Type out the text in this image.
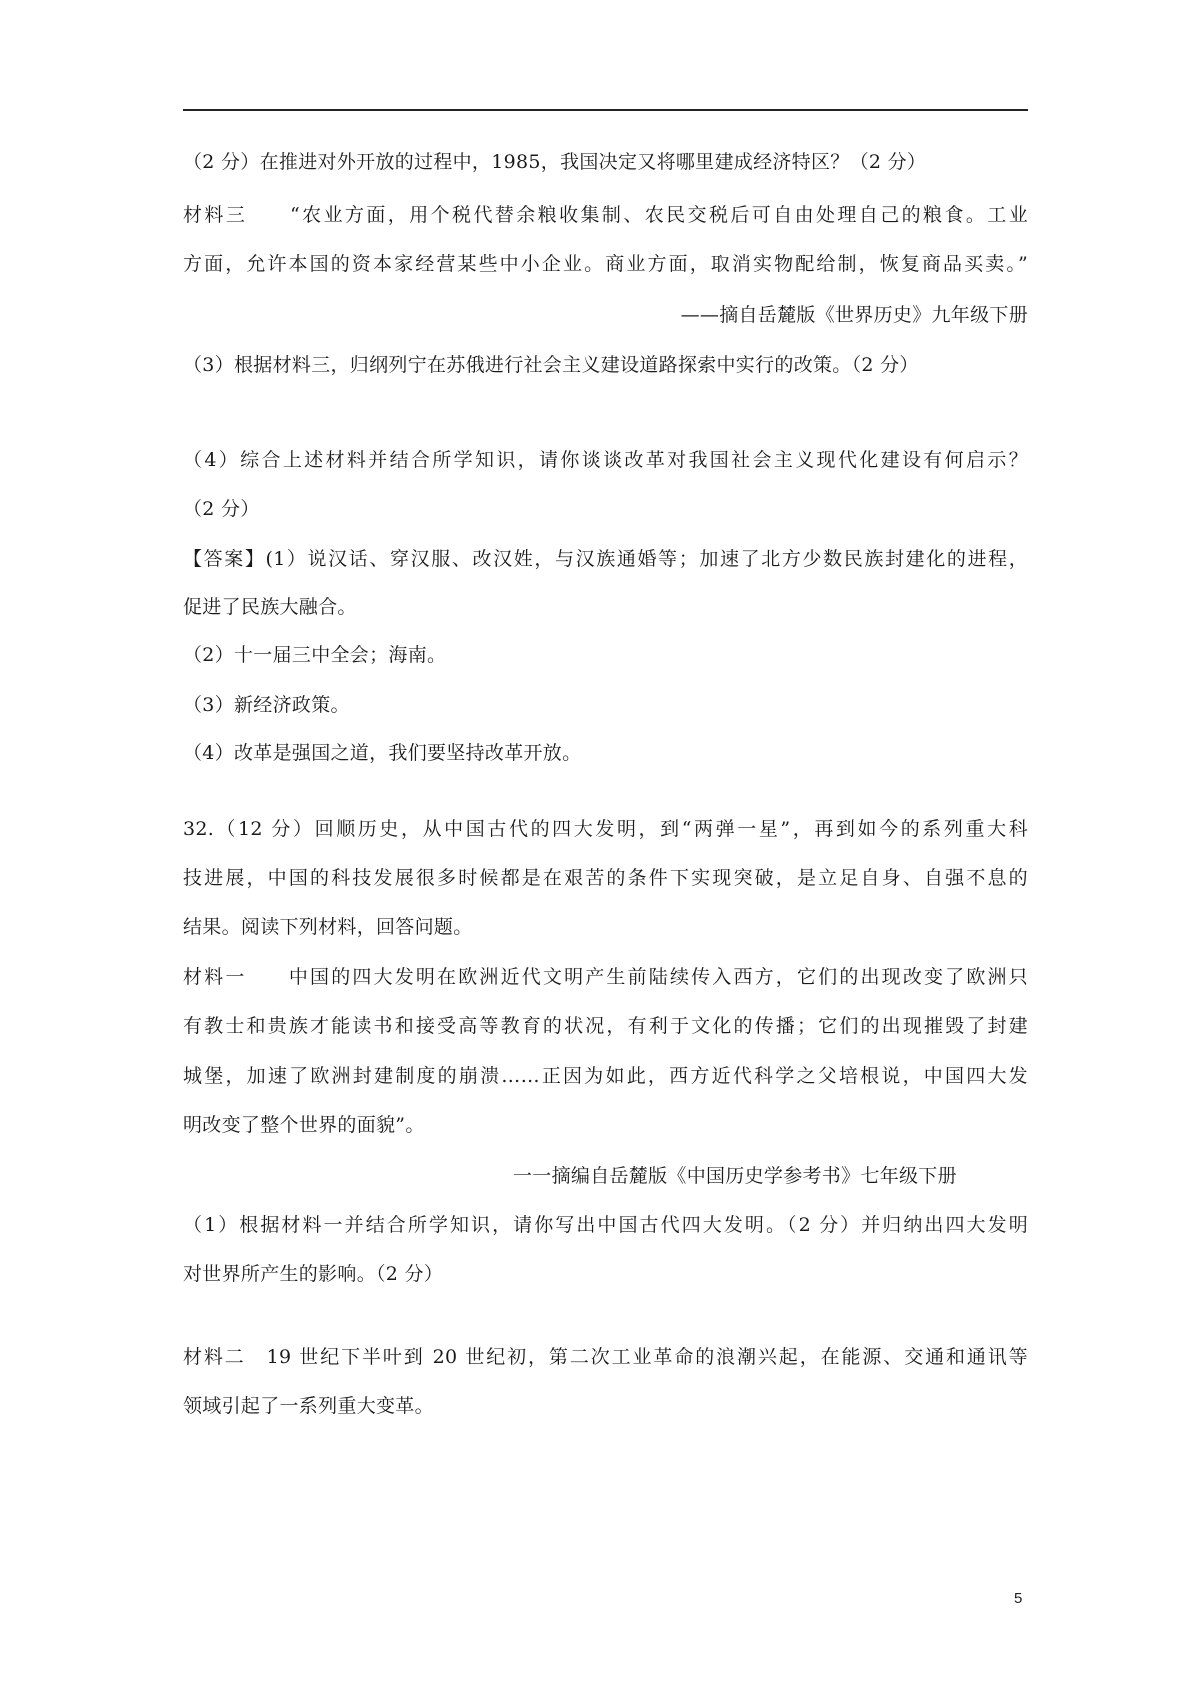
（2 分）在推进对外开放的过程中，1985，我国决定又将哪里建成经济特区？（2 分）
材料三　　“农业方面，用个税代替余粮收集制、农民交税后可自由处理自己的粮食。工业
方面，允许本国的资本家经营某些中小企业。商业方面，取消实物配给制，恢复商品买卖。”
——摘自岳麓版《世界历史》九年级下册
（3）根据材料三，归纲列宁在苏俄进行社会主义建设道路探索中实行的改策。（2 分）
（4）综合上述材料并结合所学知识，请你谈谈改革对我国社会主义现代化建设有何启示？
（2 分）
【答案】(1）说汉话、穿汉服、改汉姓，与汉族通婚等；加速了北方少数民族封建化的进程，
促进了民族大融合。
（2）十一届三中全会；海南。
（3）新经济政策。
（4）改革是强国之道，我们要坚持改革开放。
32.（12 分）回顺历史，从中国古代的四大发明，到“两弹一星”，再到如今的系列重大科
技进展，中国的科技发展很多时候都是在艰苦的条件下实现突破，是立足自身、自强不息的
结果。阅读下列材料，回答问题。
材料一　　中国的四大发明在欧洲近代文明产生前陆续传入西方，它们的出现改变了欧洲只
有教士和贵族才能读书和接受高等教育的状况，有利于文化的传播；它们的出现摧毁了封建
城堡，加速了欧洲封建制度的崩溃……正因为如此，西方近代科学之父培根说，中国四大发
明改变了整个世界的面貌”。
一一摘编自岳麓版《中国历史学参考书》七年级下册
（1）根据材料一并结合所学知识，请你写出中国古代四大发明。（2 分）并归纳出四大发明
对世界所产生的影响。（2 分）
材料二　19 世纪下半叶到 20 世纪初，第二次工业革命的浪潮兴起，在能源、交通和通讯等
领域引起了一系列重大变革。
5
